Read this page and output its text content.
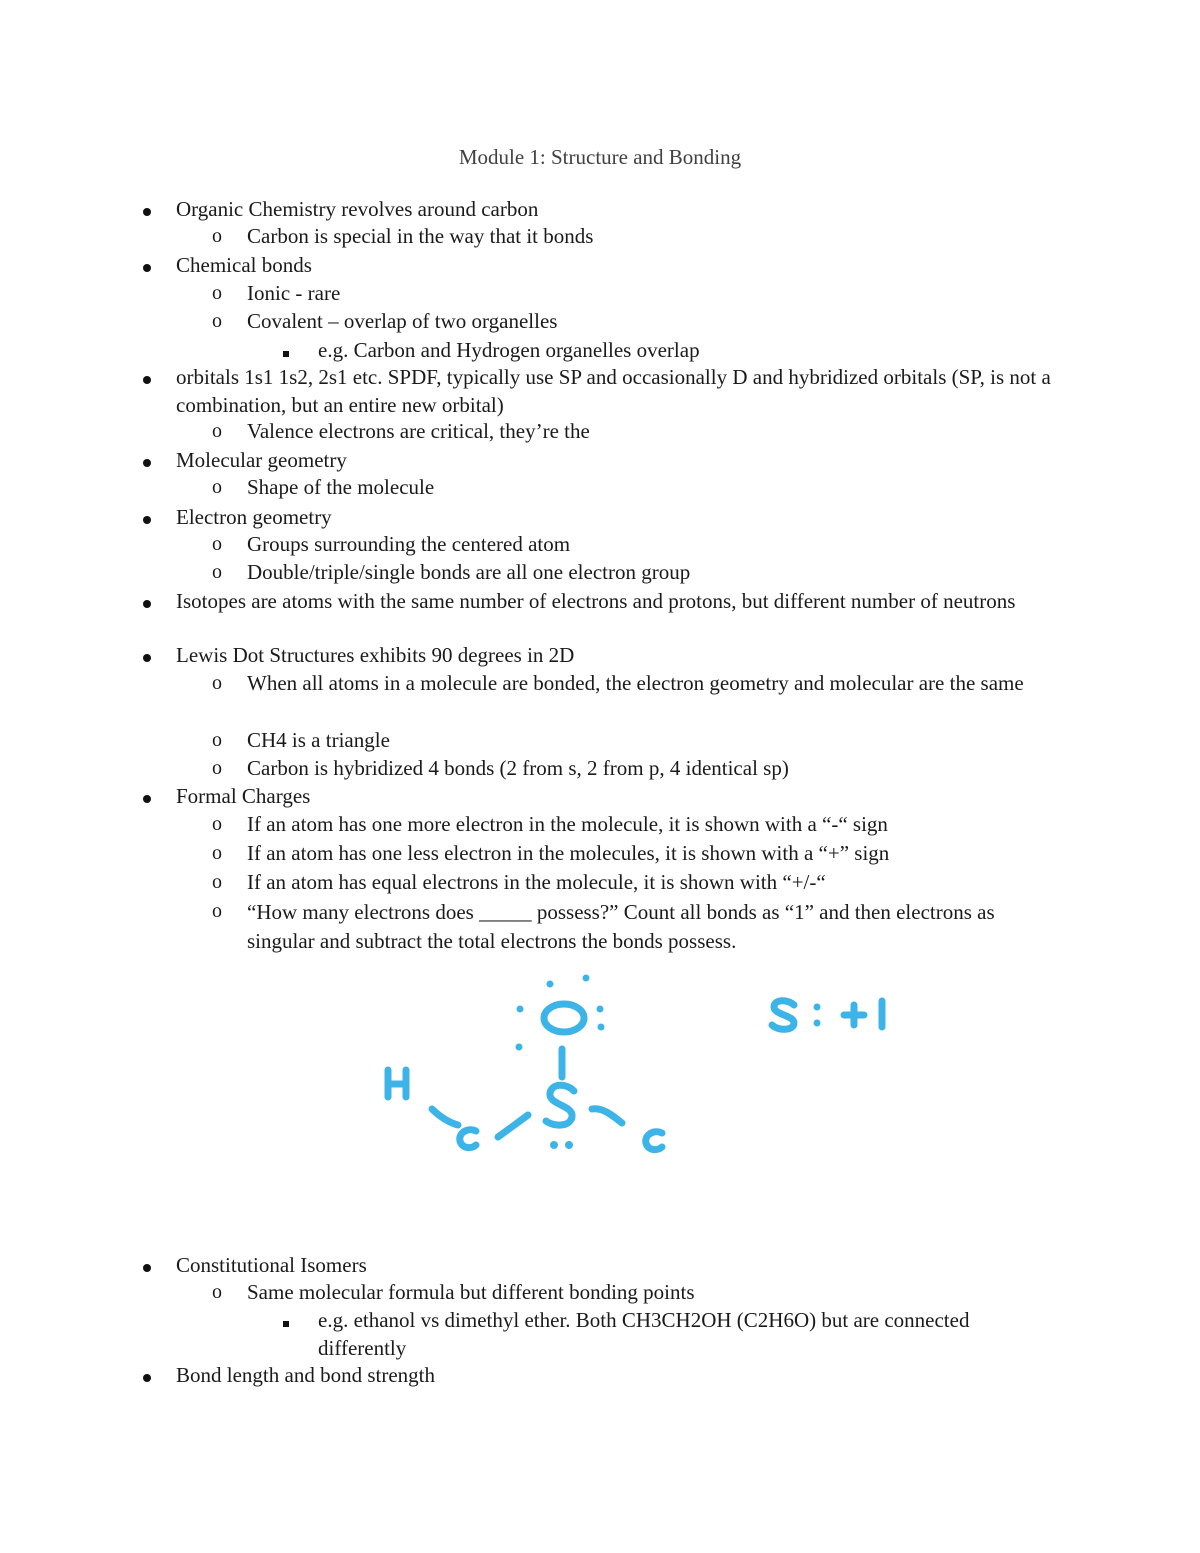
Module 1: Structure and Bonding
Organic Chemistry revolves around carbon
o Carbon is special in the way that it bonds
Chemical bonds
o Ionic - rare
o Covalent – overlap of two organelles
e.g. Carbon and Hydrogen organelles overlap
orbitals 1s1 1s2, 2s1 etc. SPDF, typically use SP and occasionally D and hybridized orbitals (SP, is not a combination, but an entire new orbital)
o Valence electrons are critical, they’re the
Molecular geometry
o Shape of the molecule
Electron geometry
o Groups surrounding the centered atom
o Double/triple/single bonds are all one electron group
Isotopes are atoms with the same number of electrons and protons, but different number of neutrons
Lewis Dot Structures exhibits 90 degrees in 2D
o When all atoms in a molecule are bonded, the electron geometry and molecular are the same
o CH4 is a triangle
o Carbon is hybridized 4 bonds (2 from s, 2 from p, 4 identical sp)
Formal Charges
o If an atom has one more electron in the molecule, it is shown with a “-“ sign
o If an atom has one less electron in the molecules, it is shown with a “+” sign
o If an atom has equal electrons in the molecule, it is shown with “+/-“
o “How many electrons does _____ possess?” Count all bonds as “1” and then electrons as singular and subtract the total electrons the bonds possess.
Constitutional Isomers
o Same molecular formula but different bonding points
e.g. ethanol vs dimethyl ether. Both CH3CH2OH (C2H6O) but are connected differently
Bond length and bond strength
